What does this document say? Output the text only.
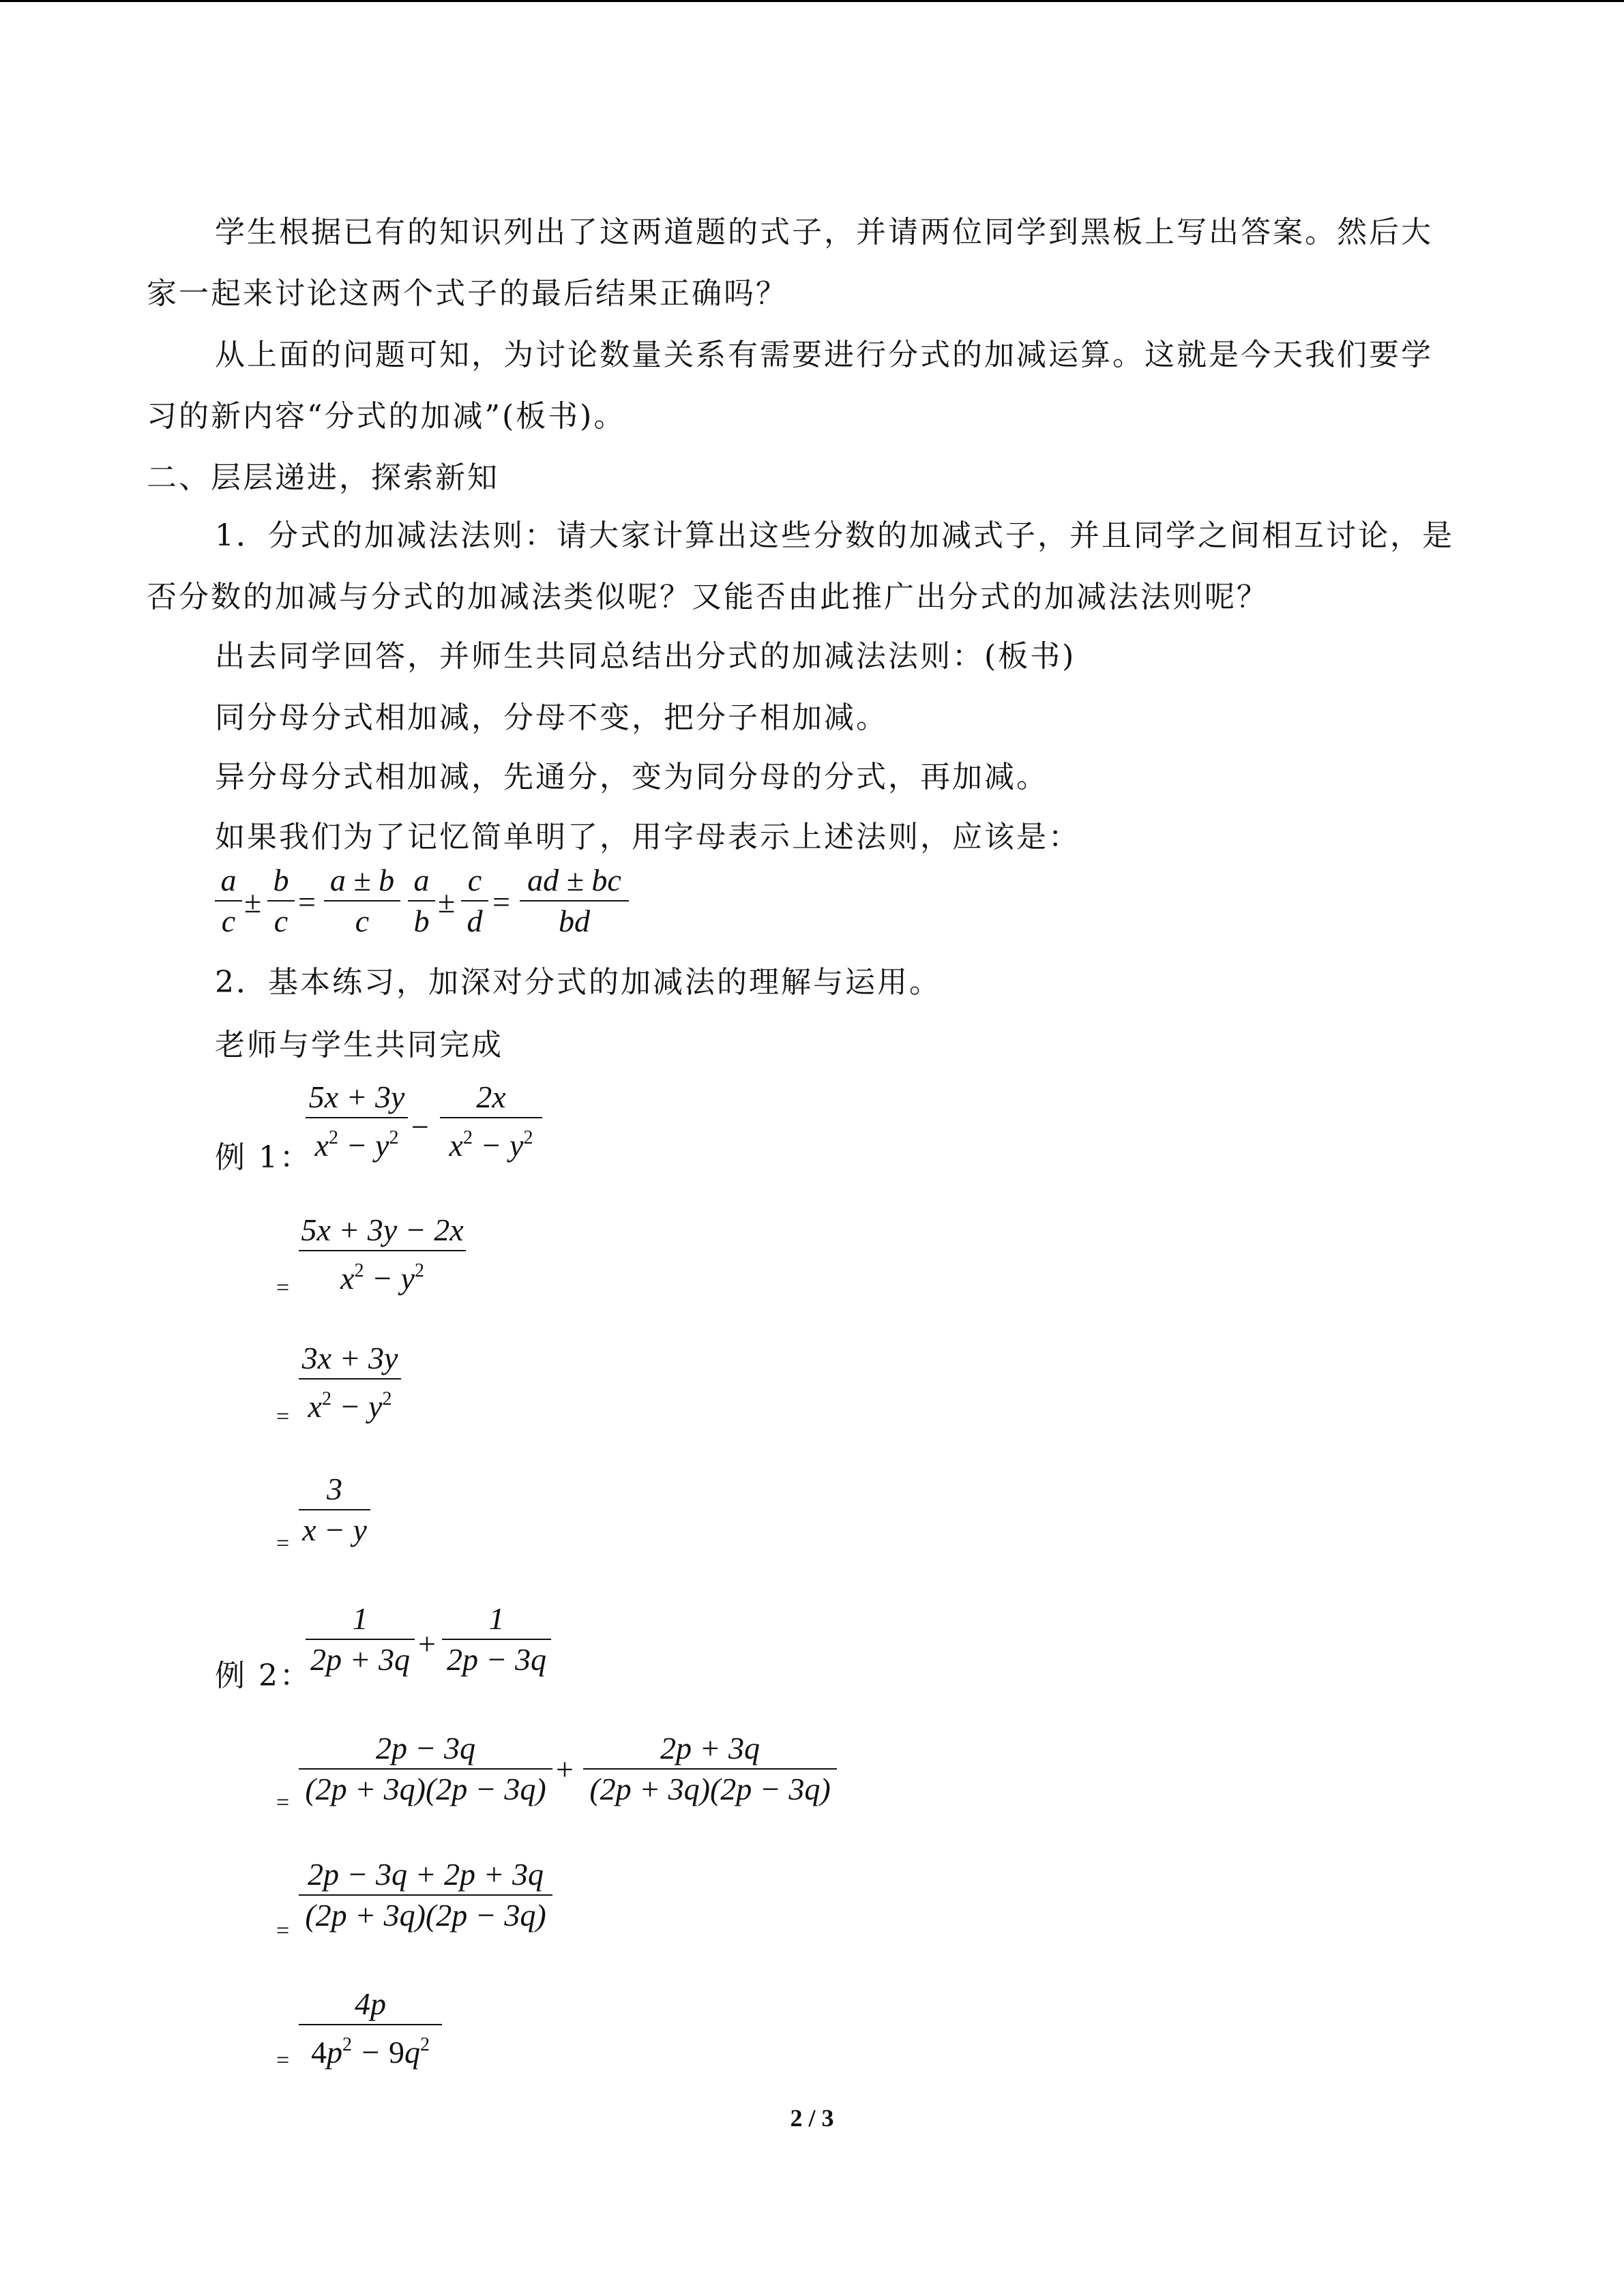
学生根据已有的知识列出了这两道题的式子，并请两位同学到黑板上写出答案。然后大
家一起来讨论这两个式子的最后结果正确吗？
从上面的问题可知，为讨论数量关系有需要进行分式的加减运算。这就是今天我们要学
习的新内容“分式的加减”(板书)。
二、层层递进，探索新知
1．分式的加减法法则：请大家计算出这些分数的加减式子，并且同学之间相互讨论，是
否分数的加减与分式的加减法类似呢？又能否由此推广出分式的加减法法则呢？
出去同学回答，并师生共同总结出分式的加减法法则：(板书)
同分母分式相加减，分母不变，把分子相加减。
异分母分式相加减，先通分，变为同分母的分式，再加减。
如果我们为了记忆简单明了，用字母表示上述法则，应该是：
a
c
±
b
c
=
a ± b
c
a
b
±
c
d
=
ad ± bc
bd
2．基本练习，加深对分式的加减法的理解与运用。
老师与学生共同完成
例 1：
5x + 3y
$x^2 - y^2$ −
2x
$x^2 - y^2$
=
5x + 3y − 2x
$x^2 - y^2$
=
3x + 3y
$x^2 - y^2$
=
3
x − y
例 2：
1
2p + 3q +
1
2p − 3q
=
2p − 3q
(2p + 3q)(2p − 3q)
+
2p + 3q
(2p + 3q)(2p − 3q)
=
2p − 3q + 2p + 3q
(2p + 3q)(2p − 3q)
=
4p
$4p^2 - 9q^2$
2 / 3
